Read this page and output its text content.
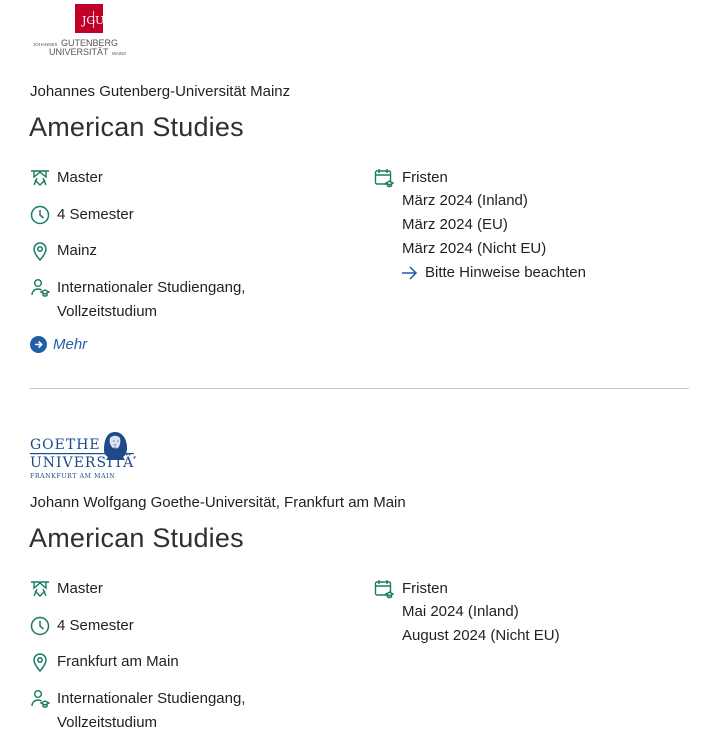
JG U
JOHANNES GUTENBERG
UNIVERSITÄT MAINZ
Johannes Gutenberg-Universität Mainz
American Studies
Master
4 Semester
Mainz
Internationaler Studiengang,
Vollzeitstudium
Mehr
Fristen
März 2024 (Inland)
März 2024 (EU)
März 2024 (Nicht EU)
Bitte Hinweise beachten
GOETHE
UNIVERSITÄT
FRANKFURT AM MAIN
Johann Wolfgang Goethe-Universität, Frankfurt am Main
American Studies
Master
4 Semester
Frankfurt am Main
Internationaler Studiengang,
Vollzeitstudium
Fristen
Mai 2024 (Inland)
August 2024 (Nicht EU)
